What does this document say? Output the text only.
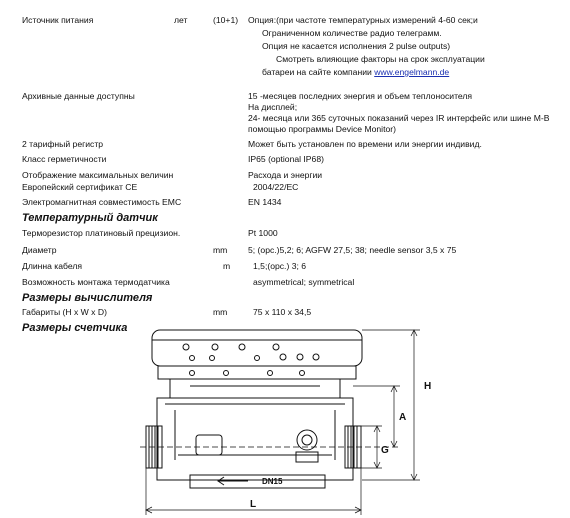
Источник питания	лет	(10+1) Опция:(при частоте температурных измерений 4-60 сек;и
Ограниченном количестве радио телеграмм.
Опция не касается исполнения 2 pulse outputs)
Смотреть влияющие факторы на срок эксплуатации
батареи на сайте компании www.engelmann.de
Архивные данные доступны	15 -месяцев последних энергия и объем теплоносителя
На дисплей;
24- месяца или 365 суточных показаний через IR интерфейс или шине M-B
помощью программы Device Monitor)
2 тарифный регистр	Может быть установлен по времени или энергии индивид.
Класс герметичности	IP65 (optional IP68)
Отображение максимальных величин	Расхода и энергии
Европейский сертификат CE	2004/22/EC
Электромагнитная совместимость EMC	EN 1434
Температурный датчик
Терморезистор платиновый прецизион.	Pt 1000
Диаметр	mm 5; (opc.)5,2; 6; AGFW 27,5; 38; needle sensor 3,5 x 75
Длинна кабеля	m	1,5;(opc.) 3; 6
Возможность монтажа термодатчика	asymmetrical; symmetrical
Размеры вычислителя
Габариты (H x W x D)	mm	75 x 110 x 34,5
Размеры счетчика
H
A
G
L
DN15
